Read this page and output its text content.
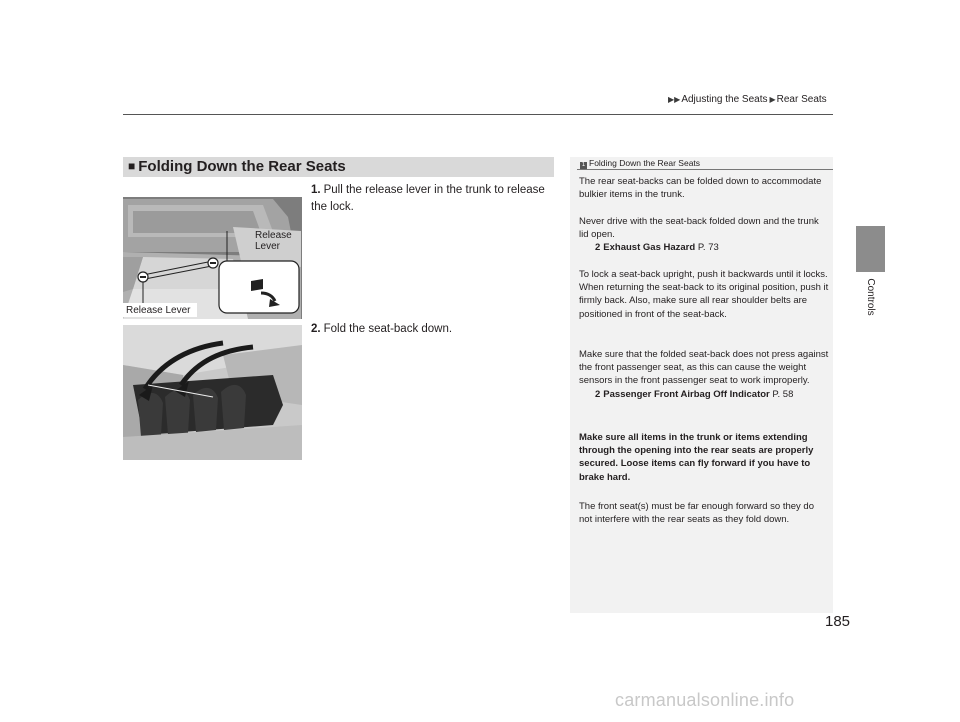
▶▶Adjusting the Seats ▶Rear Seats
Controls
■ Folding Down the Rear Seats
Release
Lever
Release Lever
1. Pull the release lever in the trunk to release the lock.
2. Fold the seat-back down.
1 Folding Down the Rear Seats
The rear seat-backs can be folded down to accommodate bulkier items in the trunk.
Never drive with the seat-back folded down and the trunk lid open.
2 Exhaust Gas Hazard P. 73
To lock a seat-back upright, push it backwards until it locks.
When returning the seat-back to its original position, push it firmly back. Also, make sure all rear shoulder belts are positioned in front of the seat-back.
Make sure that the folded seat-back does not press against the front passenger seat, as this can cause the weight sensors in the front passenger seat to work improperly.
2 Passenger Front Airbag Off Indicator P. 58
Make sure all items in the trunk or items extending through the opening into the rear seats are properly secured. Loose items can fly forward if you have to brake hard.
The front seat(s) must be far enough forward so they do not interfere with the rear seats as they fold down.
185
carmanualsonline.info
